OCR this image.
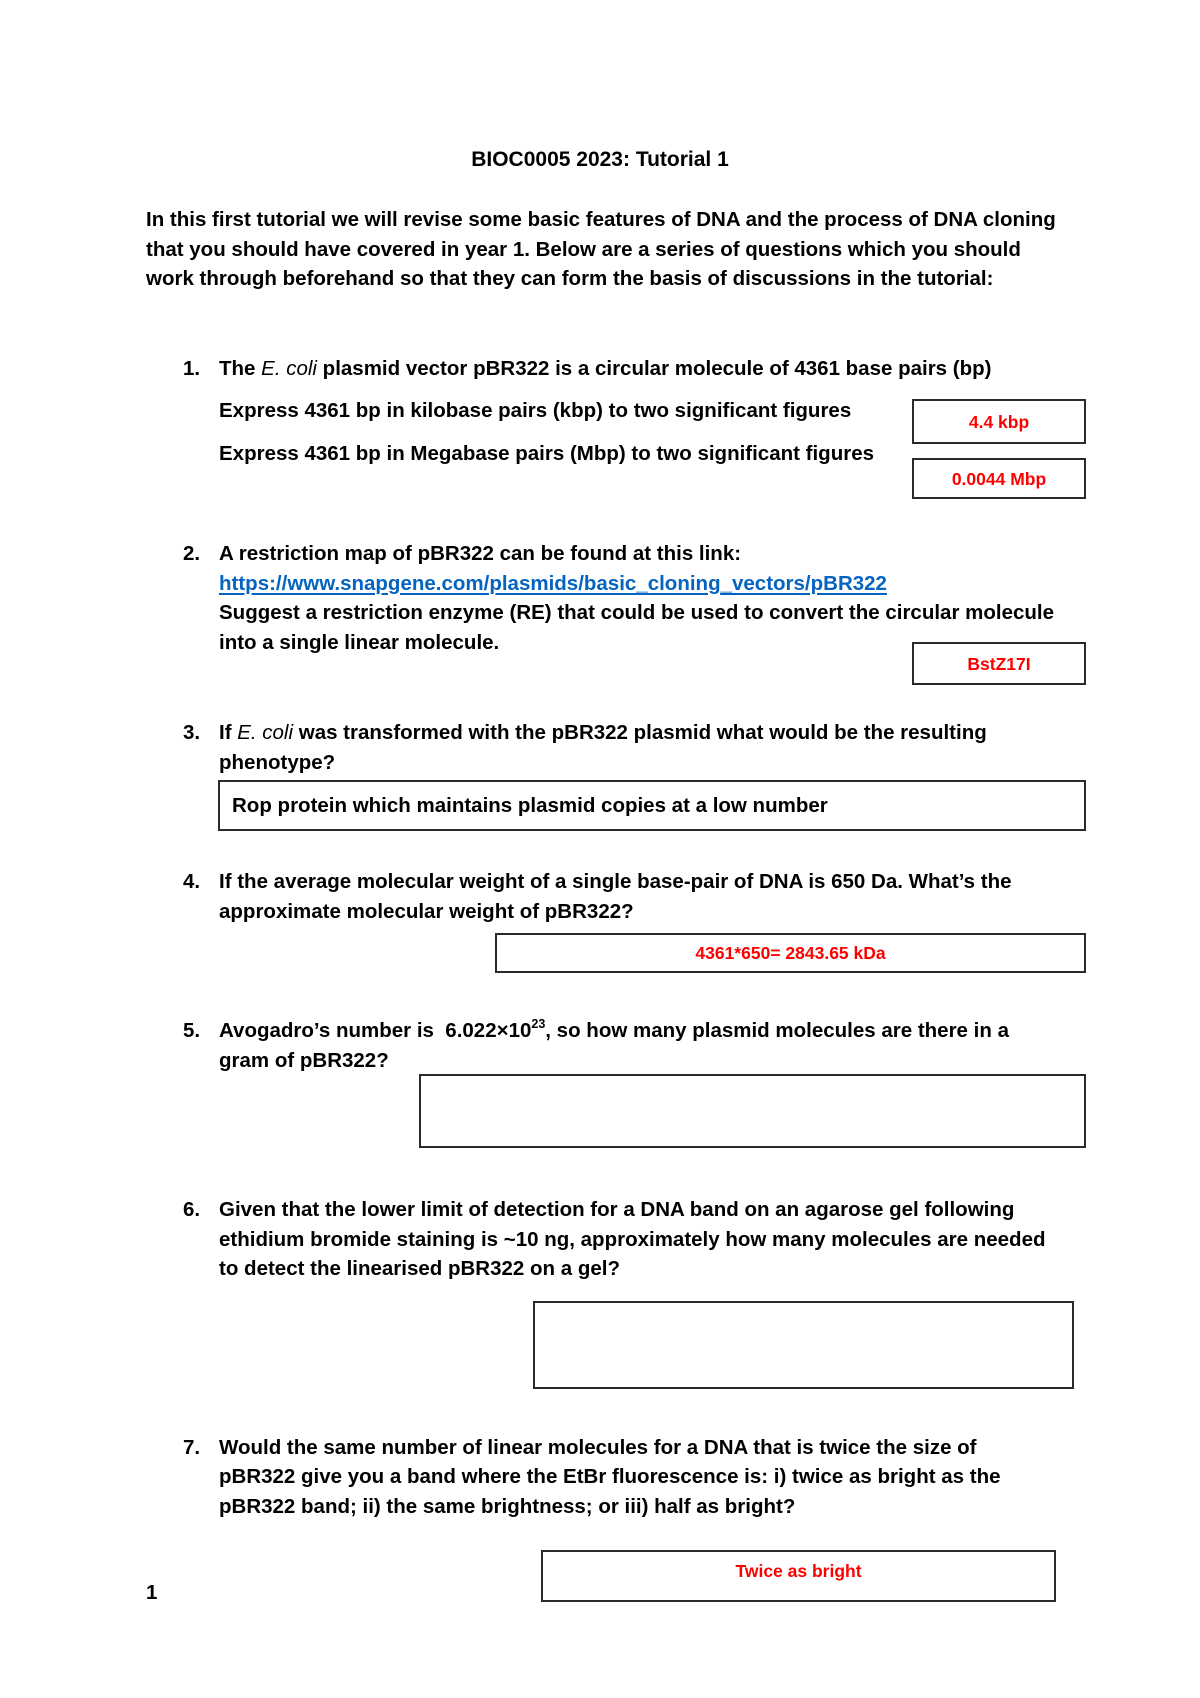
BIOC0005 2023: Tutorial 1
In this first tutorial we will revise some basic features of DNA and the process of DNA cloning
that you should have covered in year 1. Below are a series of questions which you should
work through beforehand so that they can form the basis of discussions in the tutorial:
1. The E. coli plasmid vector pBR322 is a circular molecule of 4361 base pairs (bp)
Express 4361 bp in kilobase pairs (kbp) to two significant figures
Express 4361 bp in Megabase pairs (Mbp) to two significant figures
4.4 kbp
0.0044 Mbp
2. A restriction map of pBR322 can be found at this link:
https://www.snapgene.com/plasmids/basic_cloning_vectors/pBR322
Suggest a restriction enzyme (RE) that could be used to convert the circular molecule
into a single linear molecule.
BstZ17I
3. If E. coli was transformed with the pBR322 plasmid what would be the resulting
phenotype?
Rop protein which maintains plasmid copies at a low number
4. If the average molecular weight of a single base-pair of DNA is 650 Da. What’s the
approximate molecular weight of pBR322?
4361*650= 2843.65 kDa
5. Avogadro’s number is  $6.022\times 10^{23}$, so how many plasmid molecules are there in a
gram of pBR322?
6. Given that the lower limit of detection for a DNA band on an agarose gel following
ethidium bromide staining is ~10 ng, approximately how many molecules are needed
to detect the linearised pBR322 on a gel?
7. Would the same number of linear molecules for a DNA that is twice the size of
pBR322 give you a band where the EtBr fluorescence is: i) twice as bright as the
pBR322 band; ii) the same brightness; or iii) half as bright?
Twice as bright
1
